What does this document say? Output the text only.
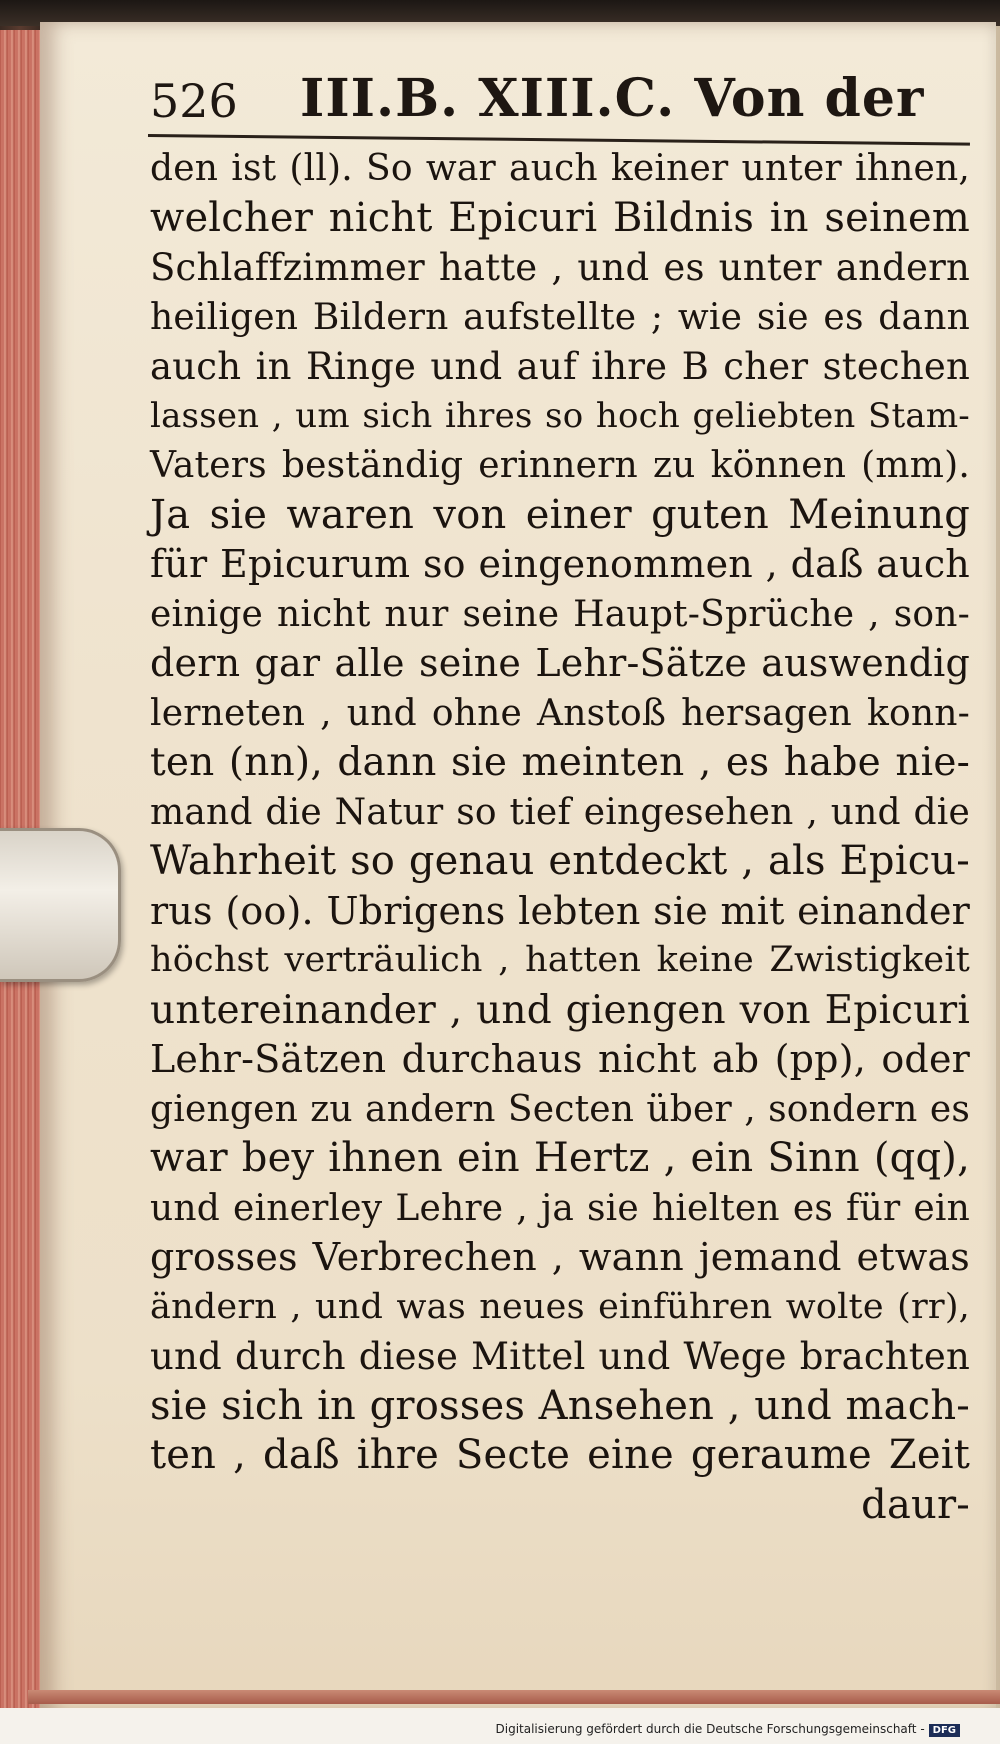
526 III.B. XIII.C. Von der
den ist (ll). So war auch keiner unter ihnen,
welcher nicht Epicuri Bildnis in seinem
Schlaffzimmer hatte , und es unter andern
heiligen Bildern aufstellte ; wie sie es dann
auch in Ringe und auf ihre B cher stechen
lassen , um sich ihres so hoch geliebten Stam-
Vaters beständig erinnern zu können (mm).
Ja sie waren von einer guten Meinung
für Epicurum so eingenommen , daß auch
einige nicht nur seine Haupt-Sprüche , son-
dern gar alle seine Lehr-Sätze auswendig
lerneten , und ohne Anstoß hersagen konn-
ten (nn), dann sie meinten , es habe nie-
mand die Natur so tief eingesehen , und die
Wahrheit so genau entdeckt , als Epicu-
rus (oo). Ubrigens lebten sie mit einander
höchst verträulich , hatten keine Zwistigkeit
untereinander , und giengen von Epicuri
Lehr-Sätzen durchaus nicht ab (pp), oder
giengen zu andern Secten über , sondern es
war bey ihnen ein Hertz , ein Sinn (qq),
und einerley Lehre , ja sie hielten es für ein
grosses Verbrechen , wann jemand etwas
ändern , und was neues einführen wolte (rr),
und durch diese Mittel und Wege brachten
sie sich in grosses Ansehen , und mach-
ten , daß ihre Secte eine geraume Zeit
daur-
Digitalisierung gefördert durch die Deutsche Forschungsgemeinschaft - DFG
